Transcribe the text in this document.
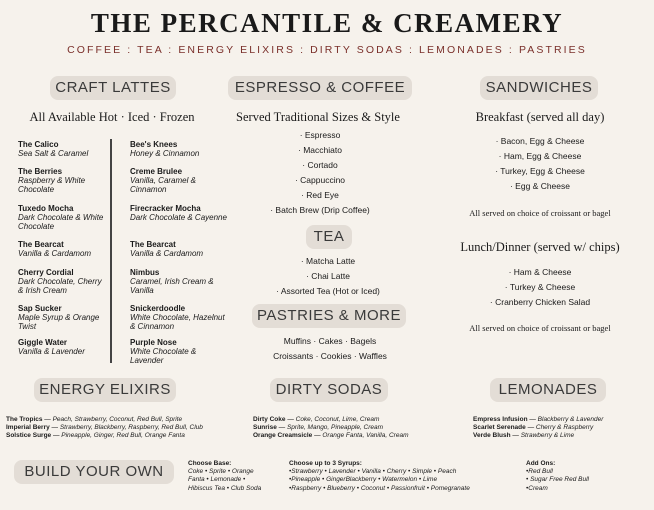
THE PERCANTILE & CREAMERY
COFFEE : TEA : ENERGY ELIXIRS : DIRTY SODAS : LEMONADES : PASTRIES
CRAFT LATTES
All Available Hot · Iced · Frozen
The Calico
Sea Salt & Caramel
The Berries
Raspberry & White Chocolate
Tuxedo Mocha
Dark Chocolate & White Chocolate
The Bearcat
Vanilla & Cardamom
Cherry Cordial
Dark Chocolate, Cherry & Irish Cream
Sap Sucker
Maple Syrup & Orange Twist
Giggle Water
Vanilla & Lavender
Bee's Knees
Honey & Cinnamon
Creme Brulee
Vanilla, Caramel & Cinnamon
Firecracker Mocha
Dark Chocolate & Cayenne
The Bearcat
Vanilla & Cardamom
Nimbus
Caramel, Irish Cream & Vanilla
Snickerdoodle
White Chocolate, Hazelnut & Cinnamon
Purple Nose
White Chocolate & Lavender
ESPRESSO & COFFEE
Served Traditional Sizes & Style
· Espresso
· Macchiato
· Cortado
· Cappuccino
· Red Eye
· Batch Brew (Drip Coffee)
TEA
· Matcha Latte
· Chai Latte
· Assorted Tea (Hot or Iced)
PASTRIES & MORE
Muffins · Cakes · Bagels
Croissants · Cookies · Waffles
SANDWICHES
Breakfast (served all day)
· Bacon, Egg & Cheese
· Ham, Egg & Cheese
· Turkey, Egg & Cheese
· Egg & Cheese
All served on choice of croissant or bagel
Lunch/Dinner (served w/ chips)
· Ham & Cheese
· Turkey & Cheese
· Cranberry Chicken Salad
All served on choice of croissant or bagel
ENERGY ELIXIRS
The Tropics — Peach, Strawberry, Coconut, Red Bull, Sprite
Imperial Berry — Strawberry, Blackberry, Raspberry, Red Bull, Club
Solstice Surge — Pineapple, Ginger, Red Bull, Orange Fanta
DIRTY SODAS
Dirty Coke — Coke, Coconut, Lime, Cream
Sunrise — Sprite, Mango, Pineapple, Cream
Orange Creamsicle — Orange Fanta, Vanilla, Cream
LEMONADES
Empress Infusion — Blackberry & Lavender
Scarlet Serenade — Cherry & Raspberry
Verde Blush — Strawberry & Lime
BUILD YOUR OWN	Choose Base:
Coke • Sprite • Orange
Fanta • Lemonade •
Hibiscus Tea • Club Soda
Choose up to 3 Syrups:
•Strawberry • Lavender • Vanilla • Cherry • Simple • Peach
•Pineapple • GingerBlackberry • Watermelon • Lime
•Raspberry • Blueberry • Coconut • Passionfruit • Pomegranate
Add Ons:
•Red Bull
• Sugar Free Red Bull
•Cream
